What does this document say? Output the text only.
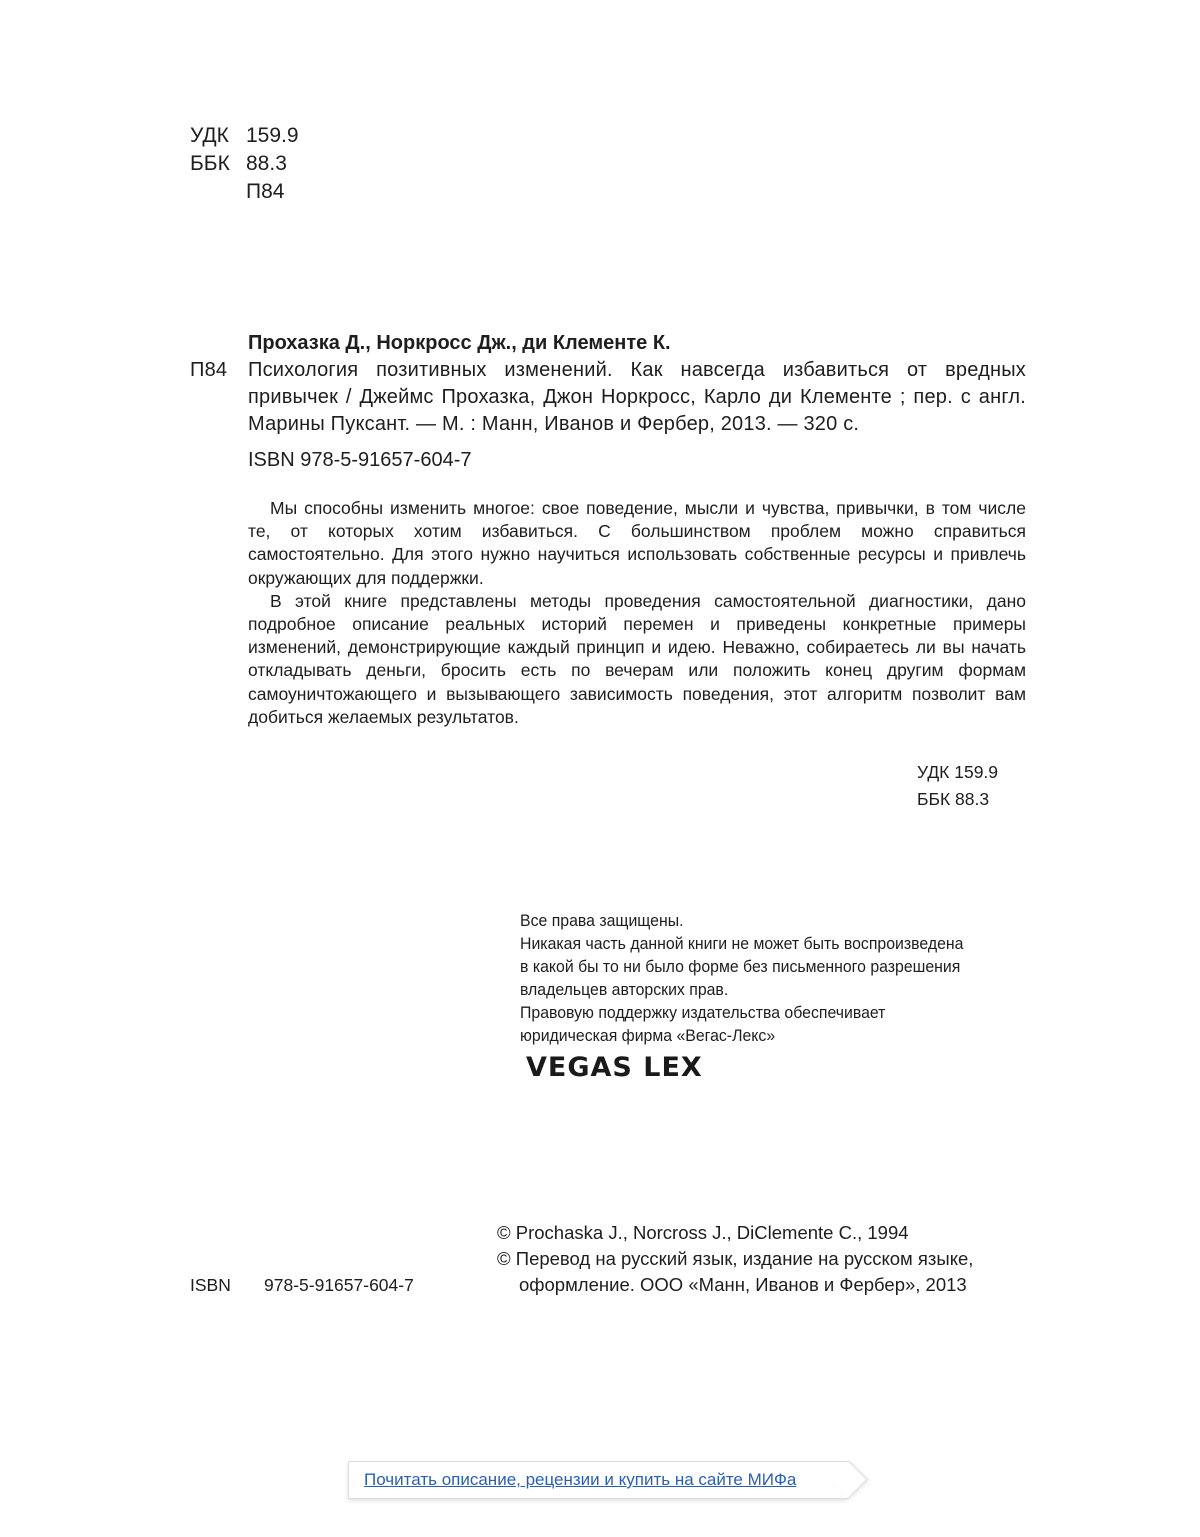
УДК 159.9
ББК 88.3
П84
Прохазка Д., Норкросс Дж., ди Клементе К.
П84 Психология позитивных изменений. Как навсегда избавиться от вредных привычек / Джеймс Прохазка, Джон Норкросс, Карло ди Клементе ; пер. с англ. Марины Пуксант. — М. : Манн, Иванов и Фербер, 2013. — 320 с.
ISBN 978-5-91657-604-7

Мы способны изменить многое: свое поведение, мысли и чувства, привычки, в том числе те, от которых хотим избавиться. С большинством проблем можно справиться самостоятельно. Для этого нужно научиться использовать собственные ресурсы и привлечь окружающих для поддержки.

В этой книге представлены методы проведения самостоятельной диагностики, дано подробное описание реальных историй перемен и приведены конкретные примеры изменений, демонстрирующие каждый принцип и идею. Неважно, собираетесь ли вы начать откладывать деньги, бросить есть по вечерам или положить конец другим формам самоуничтожающего и вызывающего зависимость поведения, этот алгоритм позволит вам добиться желаемых результатов.

УДК 159.9
ББК 88.3
Все права защищены.
Никакая часть данной книги не может быть воспроизведена
в какой бы то ни было форме без письменного разрешения
владельцев авторских прав.
Правовую поддержку издательства обеспечивает
юридическая фирма «Вегас-Лекс»
VEGAS LEX
© Prochaska J., Norcross J., DiClemente C., 1994
© Перевод на русский язык, издание на русском языке,
оформление. ООО «Манн, Иванов и Фербер», 2013
ISBN	978-5-91657-604-7
Почитать описание, рецензии и купить на сайте МИФа
